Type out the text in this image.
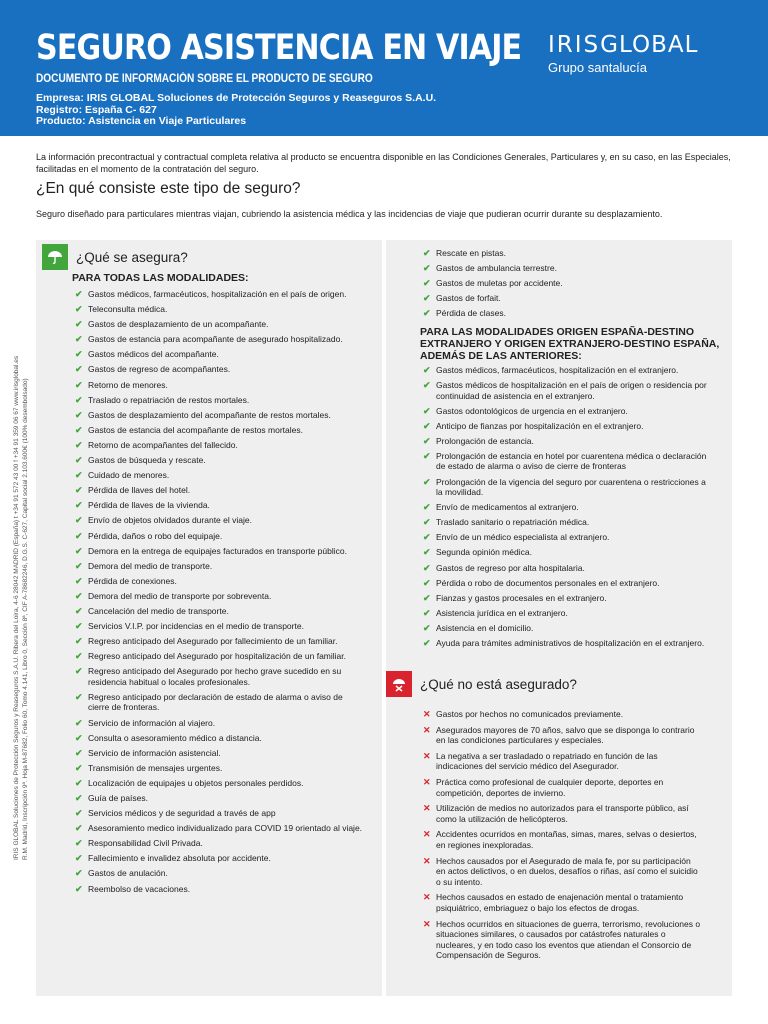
SEGURO ASISTENCIA EN VIAJE
DOCUMENTO DE INFORMACIÓN SOBRE EL PRODUCTO DE SEGURO
Empresa: IRIS GLOBAL Soluciones de Protección Seguros y Reaseguros S.A.U.
Registro: España C- 627
Producto: Asistencia en Viaje Particulares
IRISGLOBAL
Grupo santalucía
IRIS GLOBAL Soluciones de Protección Seguros y Reaseguros S.A.U. Ribera del Loira, 4-6 28042 MADRID (España) t +34 91 572 43 00 f +34 91 359 06 67 www.irisglobal.es R.M. Madrid, Inscripción 9ª. Hoja M-87682, Folio 60, Tomo 4.141, Libro 0, Sección 8ª, CIF A-78682246, D.G.S. C-627, Capital social 2.103.600€ (100% desembolsado)
La información precontractual y contractual completa relativa al producto se encuentra disponible en las Condiciones Generales, Particulares y, en su caso, en las Especiales, facilitadas en el momento de la contratación del seguro.
¿En qué consiste este tipo de seguro?
Seguro diseñado para particulares mientras viajan, cubriendo la asistencia médica y las incidencias de viaje que pudieran ocurrir durante su desplazamiento.
¿Qué se asegura?
PARA TODAS LAS MODALIDADES:
✔ Gastos médicos, farmacéuticos, hospitalización en el país de origen.
✔ Teleconsulta médica.
✔ Gastos de desplazamiento de un acompañante.
✔ Gastos de estancia para acompañante de asegurado hospitalizado.
✔ Gastos médicos del acompañante.
✔ Gastos de regreso de acompañantes.
✔ Retorno de menores.
✔ Traslado o repatriación de restos mortales.
✔ Gastos de desplazamiento del acompañante de restos mortales.
✔ Gastos de estancia del acompañante de restos mortales.
✔ Retorno de acompañantes del fallecido.
✔ Gastos de búsqueda y rescate.
✔ Cuidado de menores.
✔ Pérdida de llaves del hotel.
✔ Pérdida de llaves de la vivienda.
✔ Envío de objetos olvidados durante el viaje.
✔ Pérdida, daños o robo del equipaje.
✔ Demora en la entrega de equipajes facturados en transporte público.
✔ Demora del medio de transporte.
✔ Pérdida de conexiones.
✔ Demora del medio de transporte por sobreventa.
✔ Cancelación del medio de transporte.
✔ Servicios V.I.P. por incidencias en el medio de transporte.
✔ Regreso anticipado del Asegurado por fallecimiento de un familiar.
✔ Regreso anticipado del Asegurado por hospitalización de un familiar.
✔ Regreso anticipado del Asegurado por hecho grave sucedido en su residencia habitual o locales profesionales.
✔ Regreso anticipado por declaración de estado de alarma o aviso de cierre de fronteras.
✔ Servicio de información al viajero.
✔ Consulta o asesoramiento médico a distancia.
✔ Servicio de información asistencial.
✔ Transmisión de mensajes urgentes.
✔ Localización de equipajes u objetos personales perdidos.
✔ Guía de países.
✔ Servicios médicos y de seguridad a través de app
✔ Asesoramiento medico individualizado para COVID 19 orientado al viaje.
✔ Responsabilidad Civil Privada.
✔ Fallecimiento e invalidez absoluta por accidente.
✔ Gastos de anulación.
✔ Reembolso de vacaciones.
✔ Rescate en pistas.
✔ Gastos de ambulancia terrestre.
✔ Gastos de muletas por accidente.
✔ Gastos de forfait.
✔ Pérdida de clases.
PARA LAS MODALIDADES ORIGEN ESPAÑA-DESTINO EXTRANJERO Y ORIGEN EXTRANJERO-DESTINO ESPAÑA, ADEMÁS DE LAS ANTERIORES:
✔ Gastos médicos, farmacéuticos, hospitalización en el extranjero.
✔ Gastos médicos de hospitalización en el país de origen o residencia por continuidad de asistencia en el extranjero.
✔ Gastos odontológicos de urgencia en el extranjero.
✔ Anticipo de fianzas por hospitalización en el extranjero.
✔ Prolongación de estancia.
✔ Prolongación de estancia en hotel por cuarentena médica o declaración de estado de alarma o aviso de cierre de fronteras
✔ Prolongación de la vigencia del seguro por cuarentena o restricciones a la movilidad.
✔ Envío de medicamentos al extranjero.
✔ Traslado sanitario o repatriación médica.
✔ Envío de un médico especialista al extranjero.
✔ Segunda opinión médica.
✔ Gastos de regreso por alta hospitalaria.
✔ Pérdida o robo de documentos personales en el extranjero.
✔ Fianzas y gastos procesales en el extranjero.
✔ Asistencia jurídica en el extranjero.
✔ Asistencia en el domicilio.
✔ Ayuda para trámites administrativos de hospitalización en el extranjero.
¿Qué no está asegurado?
✕ Gastos por hechos no comunicados previamente.
✕ Asegurados mayores de 70 años, salvo que se disponga lo contrario en las condiciones particulares y especiales.
✕ La negativa a ser trasladado o repatriado en función de las indicaciones del servicio médico del Asegurador.
✕ Práctica como profesional de cualquier deporte, deportes en competición, deportes de invierno.
✕ Utilización de medios no autorizados para el transporte público, así como la utilización de helicópteros.
✕ Accidentes ocurridos en montañas, simas, mares, selvas o desiertos, en regiones inexploradas.
✕ Hechos causados por el Asegurado de mala fe, por su participación en actos delictivos, o en duelos, desafíos o riñas, así como el suicidio o su intento.
✕ Hechos causados en estado de enajenación mental o tratamiento psiquiátrico, embriaguez o bajo los efectos de drogas.
✕ Hechos ocurridos en situaciones de guerra, terrorismo, revoluciones o situaciones similares, o causados por catástrofes naturales o nucleares, y en todo caso los eventos que atiendan el Consorcio de Compensación de Seguros.
